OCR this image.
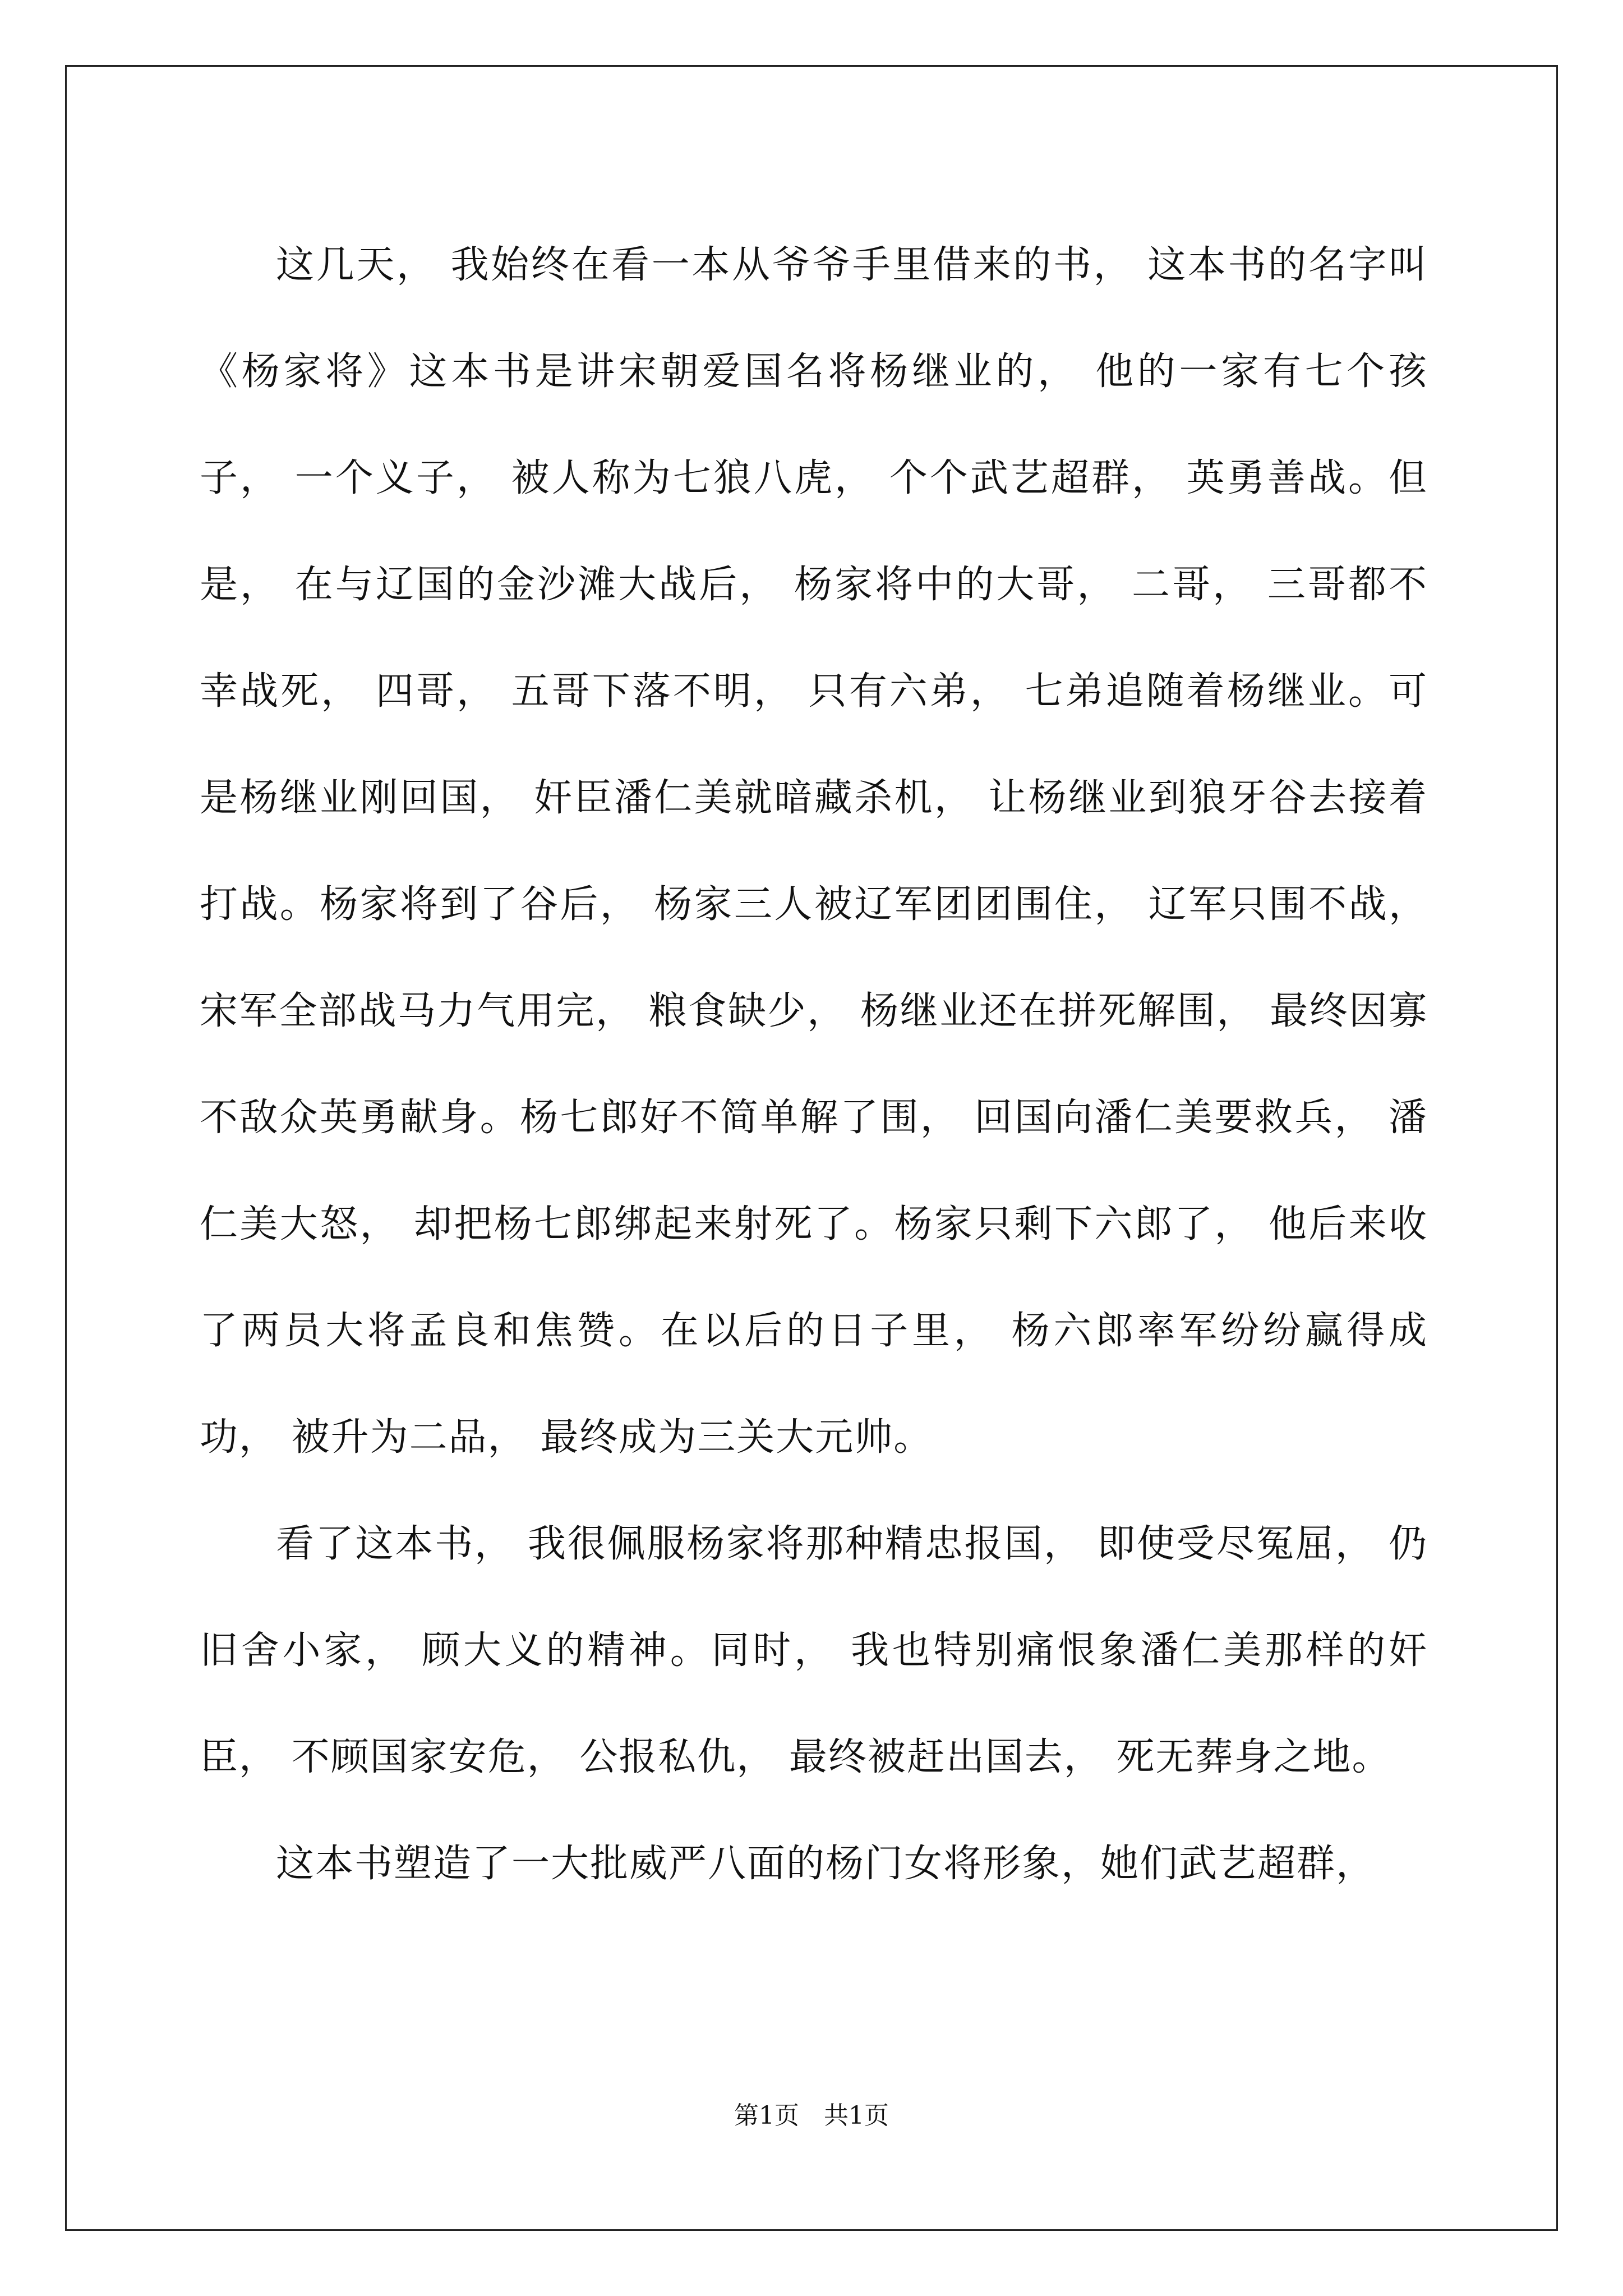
这几天， 我始终在看一本从爷爷手里借来的书， 这本书的名字叫《杨家将》这本书是讲宋朝爱国名将杨继业的， 他的一家有七个孩子， 一个义子， 被人称为七狼八虎， 个个武艺超群， 英勇善战。但是， 在与辽国的金沙滩大战后， 杨家将中的大哥， 二哥， 三哥都不幸战死， 四哥， 五哥下落不明， 只有六弟， 七弟追随着杨继业。可是杨继业刚回国， 奸臣潘仁美就暗藏杀机， 让杨继业到狼牙谷去接着打战。杨家将到了谷后， 杨家三人被辽军团团围住， 辽军只围不战， 宋军全部战马力气用完， 粮食缺少， 杨继业还在拼死解围， 最终因寡不敌众英勇献身。杨七郎好不简单解了围， 回国向潘仁美要救兵， 潘仁美大怒， 却把杨七郎绑起来射死了。杨家只剩下六郎了， 他后来收了两员大将孟良和焦赞。在以后的日子里， 杨六郎率军纷纷赢得成功， 被升为二品， 最终成为三关大元帅。

看了这本书， 我很佩服杨家将那种精忠报国， 即使受尽冤屈， 仍旧舍小家， 顾大义的精神。同时， 我也特别痛恨象潘仁美那样的奸臣， 不顾国家安危， 公报私仇， 最终被赶出国去， 死无葬身之地。

这本书塑造了一大批威严八面的杨门女将形象，她们武艺超群，

第1页　共1页
